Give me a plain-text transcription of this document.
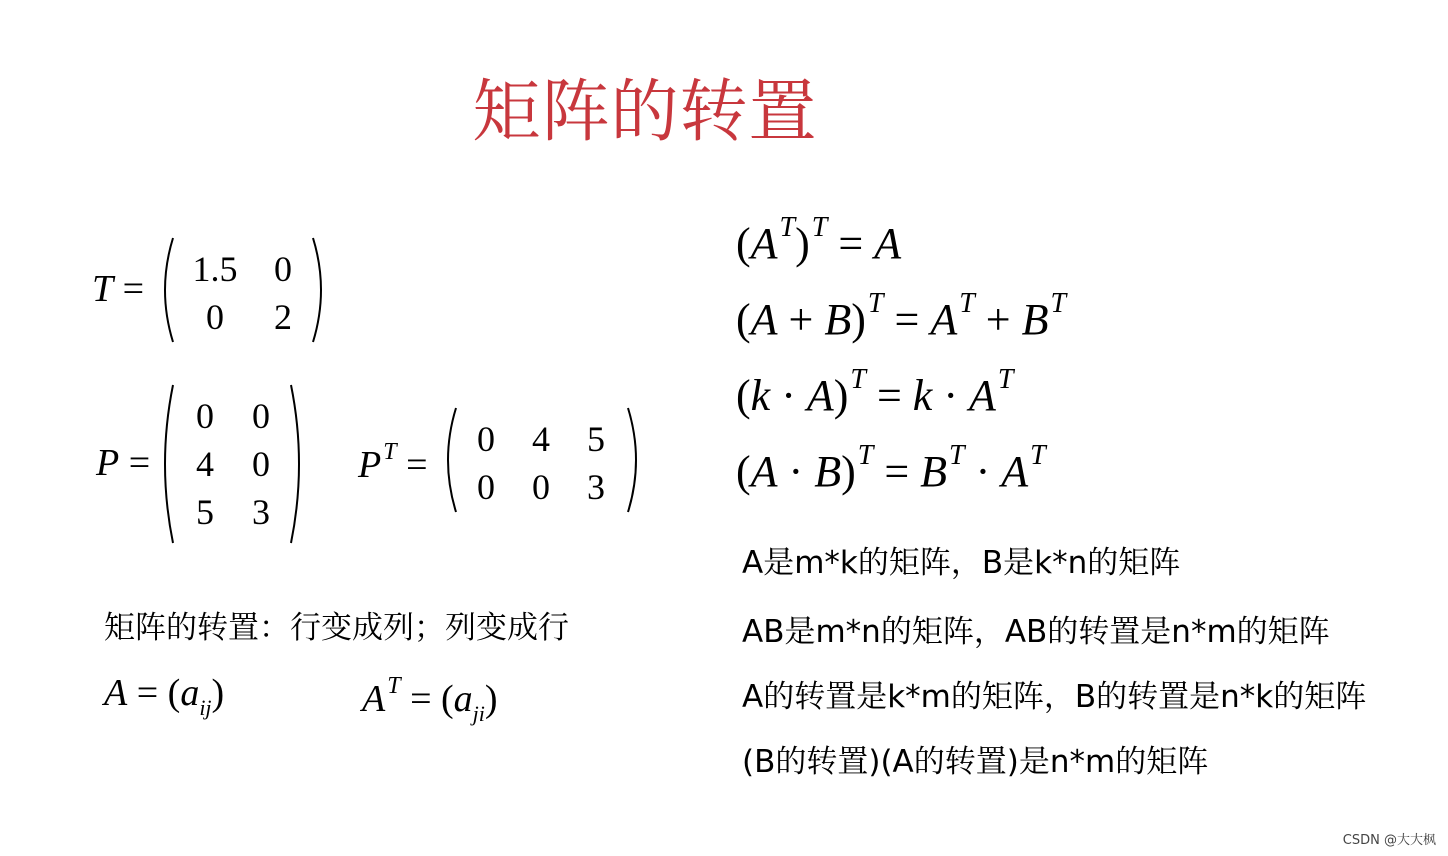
矩阵的转置
T = 1.5	0
0	2
P =
0	0
4	0
5	3
$P^T$ =
0	4	5
0	0	3
矩阵的转置：行变成列；列变成行
$A = (a_{ij})$	$A^T = (a_{ji})$
$(A^T)^T = A$
$(A + B)^T = A^T + B^T$
$(k \cdot A)^T = k \cdot A^T$
$(A \cdot B)^T = B^T \cdot A^T$
A是m*k的矩阵，B是k*n的矩阵
AB是m*n的矩阵，AB的转置是n*m的矩阵
A的转置是k*m的矩阵，B的转置是n*k的矩阵
(B的转置)(A的转置)是n*m的矩阵
CSDN @大大枫
